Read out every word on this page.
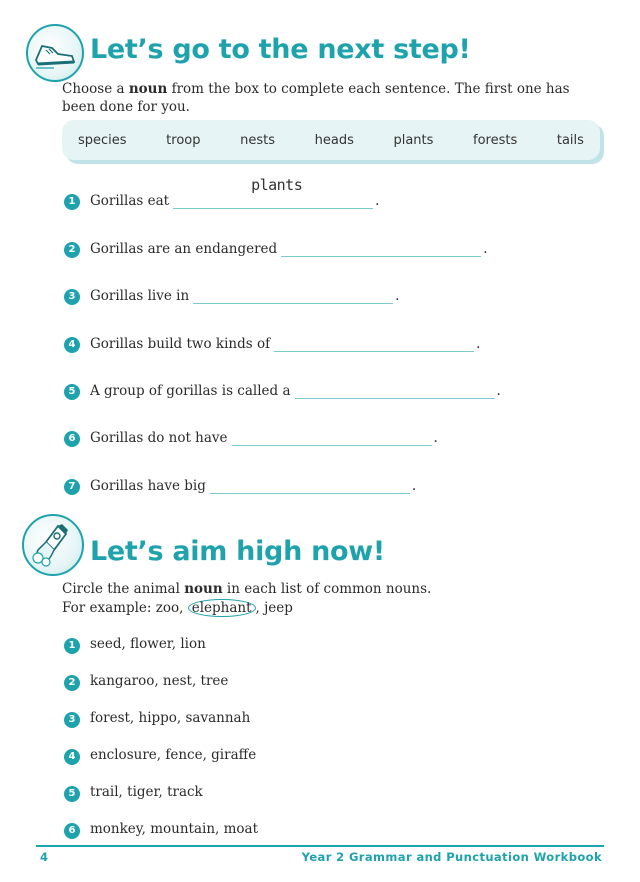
Let’s go to the next step!
Choose a noun from the box to complete each sentence. The first one has been done for you.
species	troop	nests	heads	plants	forests	tails
1	Gorillas eat
plants
.
2	Gorillas are an endangered	.
3	Gorillas live in	.
4	Gorillas build two kinds of	.
5	A group of gorillas is called a	.
6	Gorillas do not have	.
7	Gorillas have big	.
Let’s aim high now!
Circle the animal noun in each list of common nouns.
For example: zoo, elephant , jeep
1	seed, flower, lion
2	kangaroo, nest, tree
3	forest, hippo, savannah
4	enclosure, fence, giraffe
5	trail, tiger, track
6	monkey, mountain, moat
4	Year 2 Grammar and Punctuation Workbook
